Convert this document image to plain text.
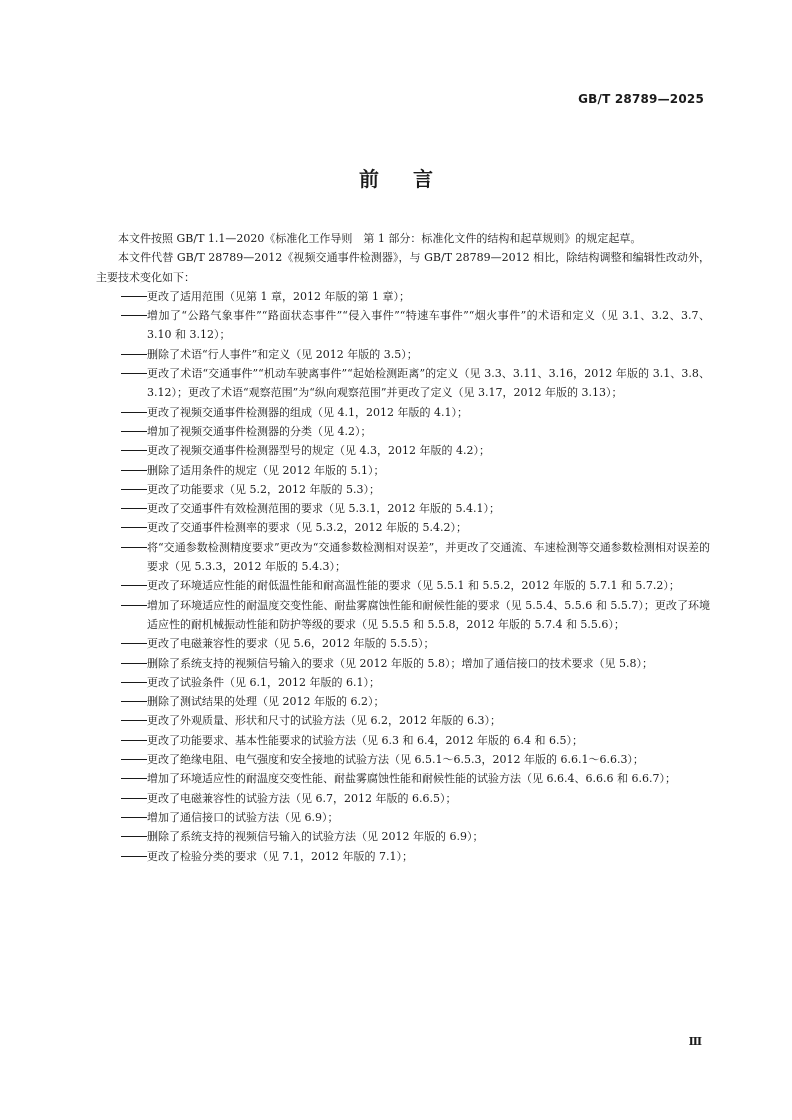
GB/T 28789—2025
前言

本文件按照 GB/T 1.1—2020《标准化工作导则　第 1 部分：标准化文件的结构和起草规则》的规定起草。

本文件代替 GB/T 28789—2012《视频交通事件检测器》，与 GB/T 28789—2012 相比，除结构调整和编辑性改动外，主要技术变化如下：

更改了适用范围（见第 1 章，2012 年版的第 1 章）；

增加了“公路气象事件”“路面状态事件”“侵入事件”“特速车事件”“烟火事件”的术语和定义（见 3.1、3.2、3.7、3.10 和 3.12）；

删除了术语“行人事件”和定义（见 2012 年版的 3.5）；

更改了术语“交通事件”“机动车驶离事件”“起始检测距离”的定义（见 3.3、3.11、3.16，2012 年版的 3.1、3.8、3.12）；更改了术语“观察范围”为“纵向观察范围”并更改了定义（见 3.17，2012 年版的 3.13）；

更改了视频交通事件检测器的组成（见 4.1，2012 年版的 4.1）；

增加了视频交通事件检测器的分类（见 4.2）；

更改了视频交通事件检测器型号的规定（见 4.3，2012 年版的 4.2）；

删除了适用条件的规定（见 2012 年版的 5.1）；

更改了功能要求（见 5.2，2012 年版的 5.3）；

更改了交通事件有效检测范围的要求（见 5.3.1，2012 年版的 5.4.1）；

更改了交通事件检测率的要求（见 5.3.2，2012 年版的 5.4.2）；

将“交通参数检测精度要求”更改为“交通参数检测相对误差”，并更改了交通流、车速检测等交通参数检测相对误差的要求（见 5.3.3，2012 年版的 5.4.3）；

更改了环境适应性能的耐低温性能和耐高温性能的要求（见 5.5.1 和 5.5.2，2012 年版的 5.7.1 和 5.7.2）；

增加了环境适应性的耐温度交变性能、耐盐雾腐蚀性能和耐候性能的要求（见 5.5.4、5.5.6 和 5.5.7）；更改了环境适应性的耐机械振动性能和防护等级的要求（见 5.5.5 和 5.5.8，2012 年版的 5.7.4 和 5.5.6）；

更改了电磁兼容性的要求（见 5.6，2012 年版的 5.5.5）；

删除了系统支持的视频信号输入的要求（见 2012 年版的 5.8）；增加了通信接口的技术要求（见 5.8）；

更改了试验条件（见 6.1，2012 年版的 6.1）；

删除了测试结果的处理（见 2012 年版的 6.2）；

更改了外观质量、形状和尺寸的试验方法（见 6.2，2012 年版的 6.3）；

更改了功能要求、基本性能要求的试验方法（见 6.3 和 6.4，2012 年版的 6.4 和 6.5）；

更改了绝缘电阻、电气强度和安全接地的试验方法（见 6.5.1～6.5.3，2012 年版的 6.6.1～6.6.3）；

增加了环境适应性的耐温度交变性能、耐盐雾腐蚀性能和耐候性能的试验方法（见 6.6.4、6.6.6 和 6.6.7）；

更改了电磁兼容性的试验方法（见 6.7，2012 年版的 6.6.5）；

增加了通信接口的试验方法（见 6.9）；

删除了系统支持的视频信号输入的试验方法（见 2012 年版的 6.9）；

更改了检验分类的要求（见 7.1，2012 年版的 7.1）；

Ⅲ
